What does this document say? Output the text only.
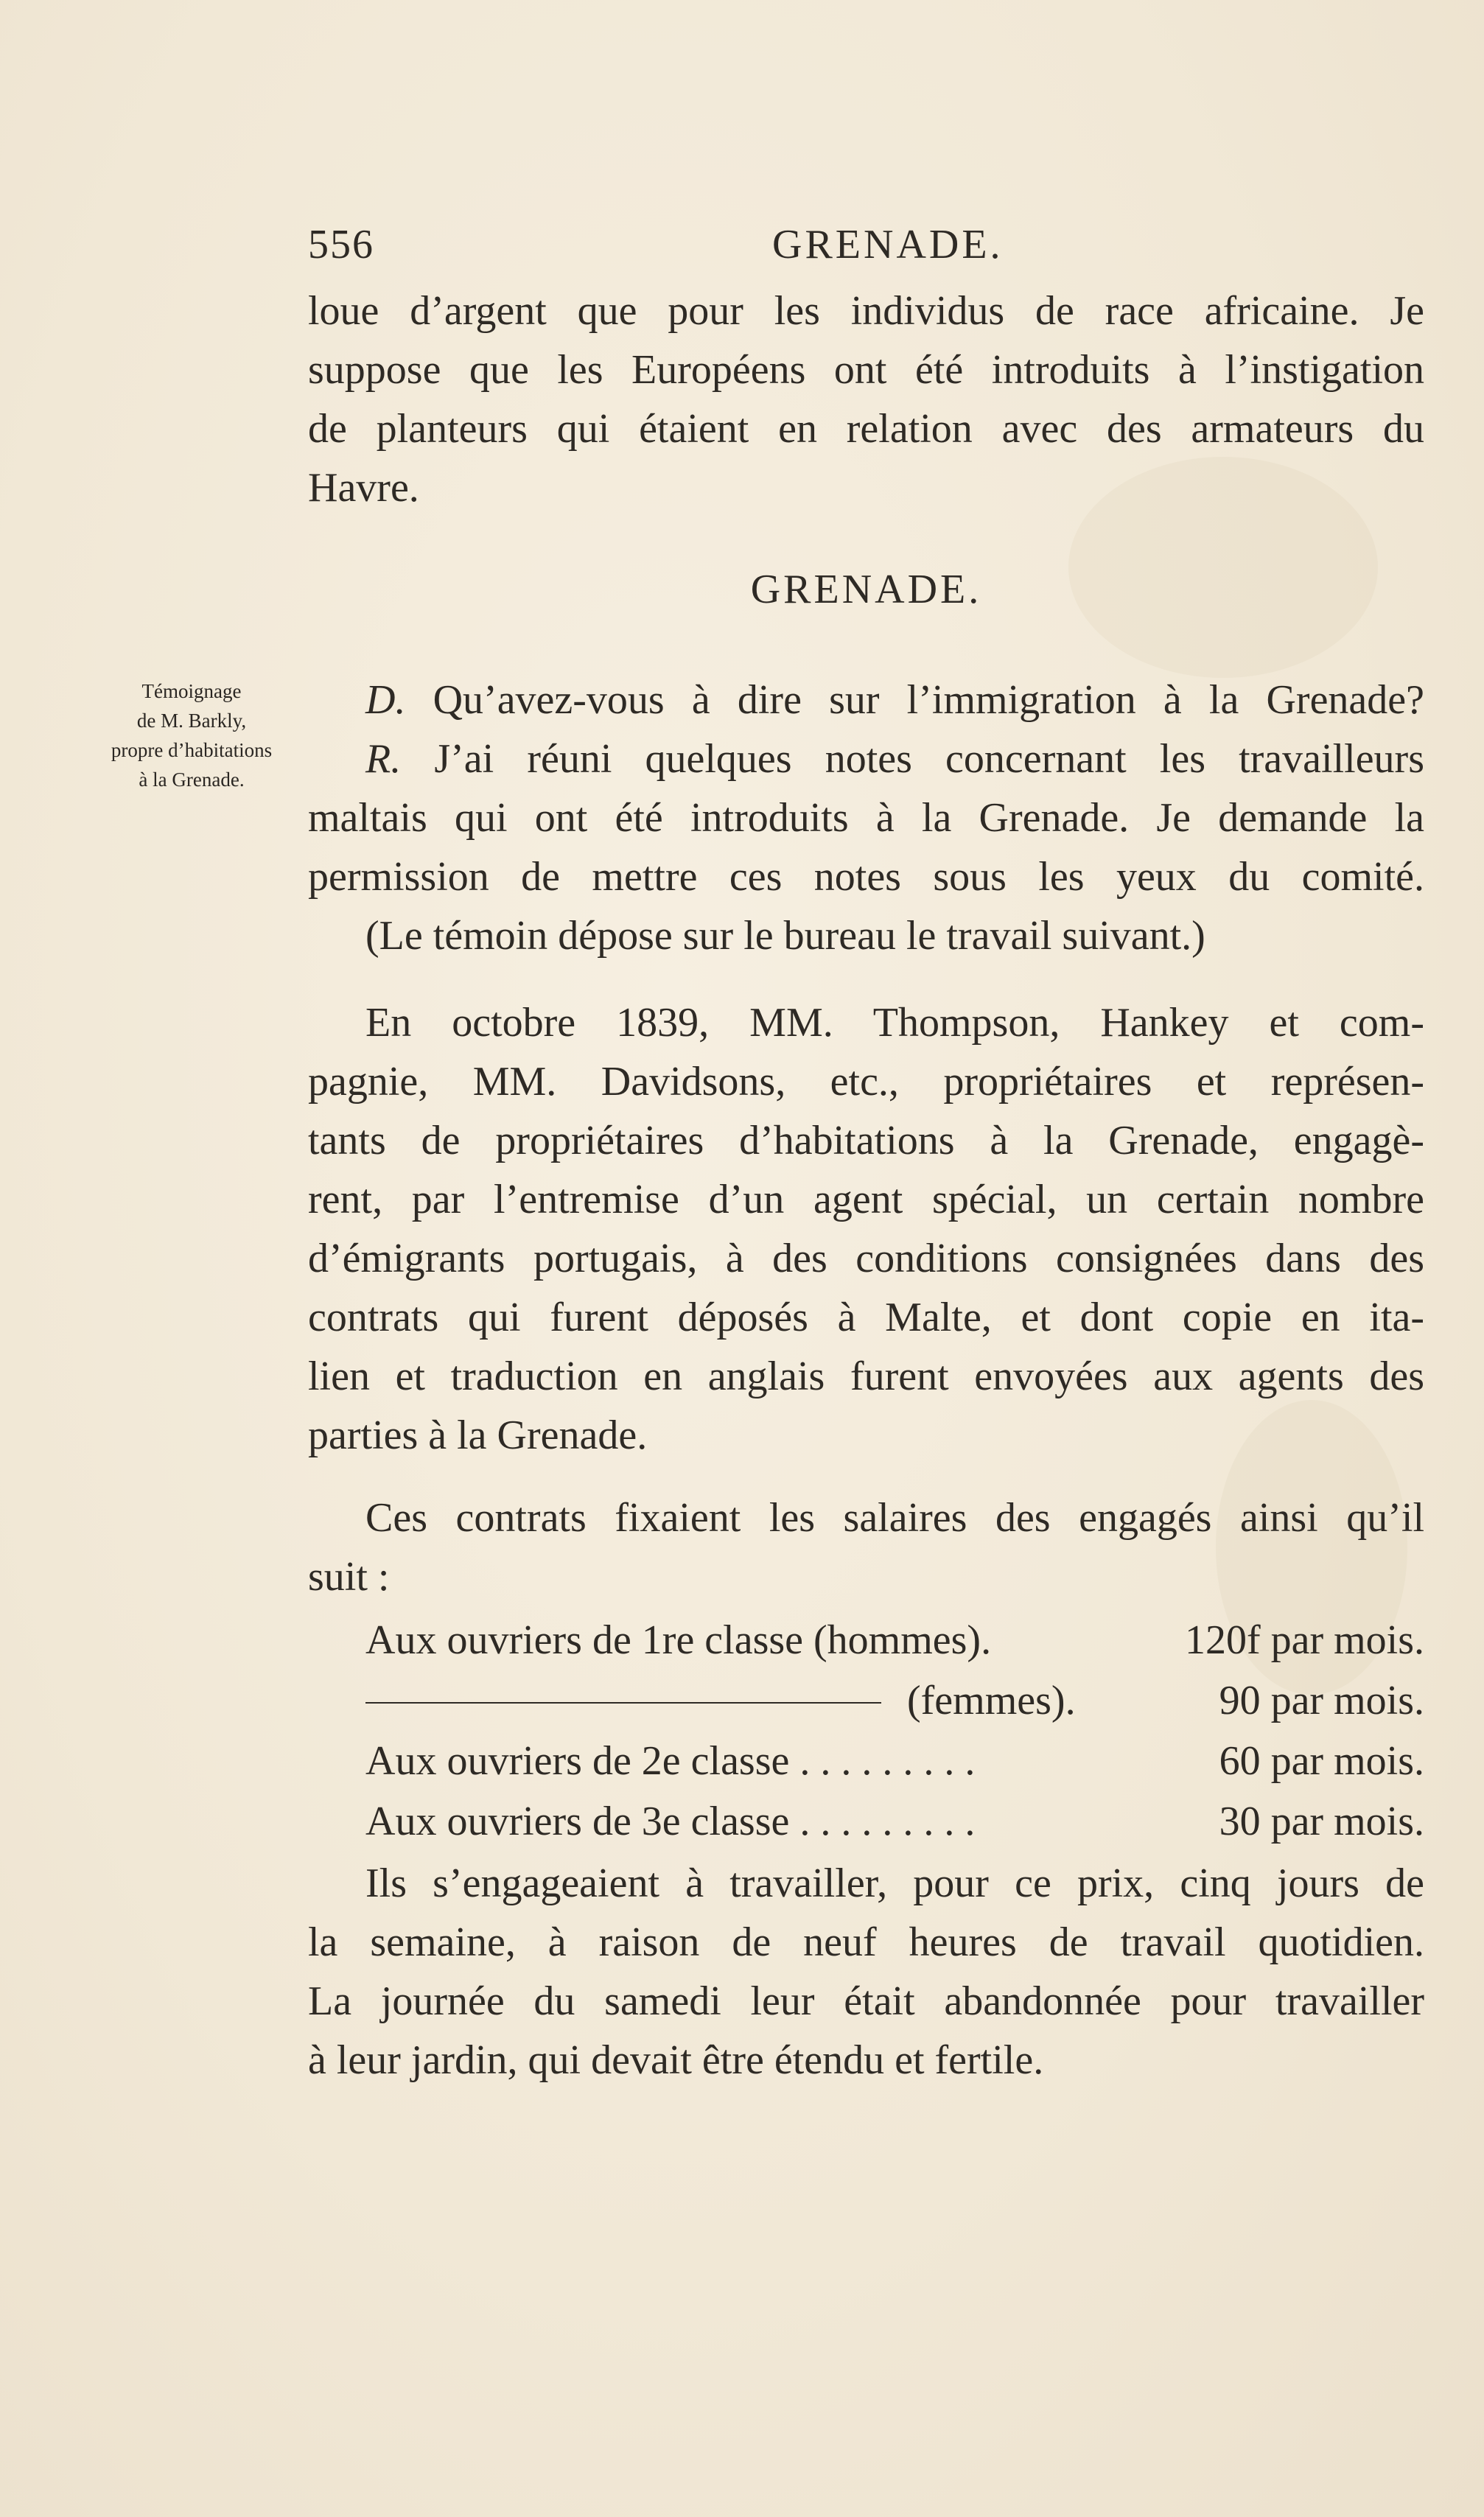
556	GRENADE.
loue d’argent que pour les individus de race africaine. Je
suppose que les Européens ont été introduits à l’instigation
de planteurs qui étaient en relation avec des armateurs du
Havre.
GRENADE.
Témoignage
de M. Barkly,
propre d’habitations
à la Grenade.
D. Qu’avez-vous à dire sur l’immigration à la Grenade?
R. J’ai réuni quelques notes concernant les travailleurs
maltais qui ont été introduits à la Grenade. Je demande la
permission de mettre ces notes sous les yeux du comité.
(Le témoin dépose sur le bureau le travail suivant.)
En octobre 1839, MM. Thompson, Hankey et com-
pagnie, MM. Davidsons, etc., propriétaires et représen-
tants de propriétaires d’habitations à la Grenade, engagè-
rent, par l’entremise d’un agent spécial, un certain nombre
d’émigrants portugais, à des conditions consignées dans des
contrats qui furent déposés à Malte, et dont copie en ita-
lien et traduction en anglais furent envoyées aux agents des
parties à la Grenade.
Ces contrats fixaient les salaires des engagés ainsi qu’il
suit :
Aux ouvriers de 1re classe (hommes).	120f par mois.
(femmes).	90 par mois.
Aux ouvriers de 2e classe . . . . . . . . .	60 par mois.
Aux ouvriers de 3e classe . . . . . . . . .	30 par mois.
Ils s’engageaient à travailler, pour ce prix, cinq jours de
la semaine, à raison de neuf heures de travail quotidien.
La journée du samedi leur était abandonnée pour travailler
à leur jardin, qui devait être étendu et fertile.
